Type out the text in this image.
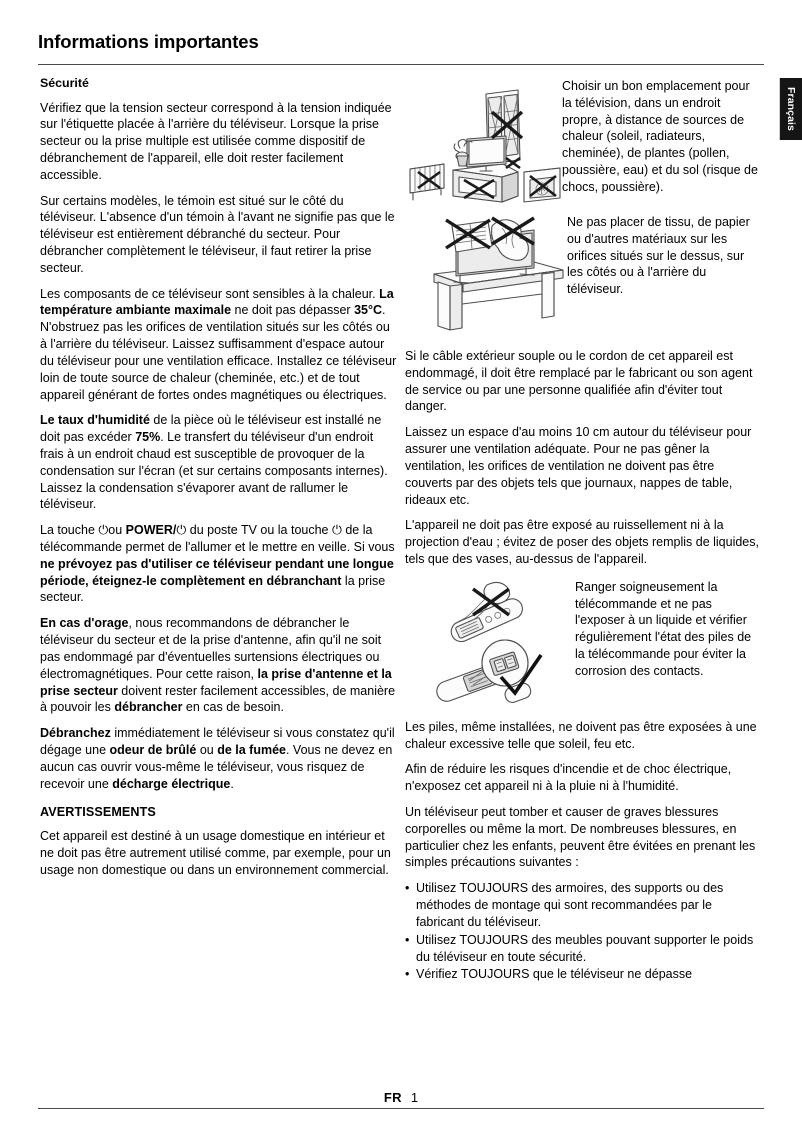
Informations importantes
Français
Sécurité

Vérifiez que la tension secteur correspond à la tension indiquée sur l'étiquette placée à l'arrière du téléviseur. Lorsque la prise secteur ou la prise multiple est utilisée comme dispositif de débranchement de l'appareil, elle doit rester facilement accessible.

Sur certains modèles, le témoin est situé sur le côté du téléviseur. L'absence d'un témoin à l'avant ne signifie pas que le téléviseur est entièrement débranché du secteur. Pour débrancher complètement le téléviseur, il faut retirer la prise secteur.

Les composants de ce téléviseur sont sensibles à la chaleur. La température ambiante maximale ne doit pas dépasser 35°C. N'obstruez pas les orifices de ventilation situés sur les côtés ou à l'arrière du téléviseur. Laissez suffisamment d'espace autour du téléviseur pour une ventilation efficace. Installez ce téléviseur loin de toute source de chaleur (cheminée, etc.) et de tout appareil générant de fortes ondes magnétiques ou électriques.

Le taux d'humidité de la pièce où le téléviseur est installé ne doit pas excéder 75%. Le transfert du téléviseur d'un endroit frais à un endroit chaud est susceptible de provoquer de la condensation sur l'écran (et sur certains composants internes). Laissez la condensation s'évaporer avant de rallumer le téléviseur.

La touche ⏻ou POWER/⏻ du poste TV ou la touche ⏻ de la télécommande permet de l'allumer et le mettre en veille. Si vous ne prévoyez pas d'utiliser ce téléviseur pendant une longue période, éteignez-le complètement en débranchant la prise secteur.

En cas d'orage, nous recommandons de débrancher le téléviseur du secteur et de la prise d'antenne, afin qu'il ne soit pas endommagé par d'éventuelles surtensions électriques ou électromagnétiques. Pour cette raison, la prise d'antenne et la prise secteur doivent rester facilement accessibles, de manière à pouvoir les débrancher en cas de besoin.

Débranchez immédiatement le téléviseur si vous constatez qu'il dégage une odeur de brûlé ou de la fumée. Vous ne devez en aucun cas ouvrir vous-même le téléviseur, vous risquez de recevoir une décharge électrique.

AVERTISSEMENTS

Cet appareil est destiné à un usage domestique en intérieur et ne doit pas être autrement utilisé comme, par exemple, pour un usage non domestique ou dans un environnement commercial.

Choisir un bon emplacement pour la télévision, dans un endroit propre, à distance de sources de chaleur (soleil, radiateurs, cheminée), de plantes (pollen, poussière, eau) et du sol (risque de chocs, poussière).
Ne pas placer de tissu, de papier ou d'autres matériaux sur les orifices situés sur le dessus, sur les côtés ou à l'arrière du téléviseur.

Si le câble extérieur souple ou le cordon de cet appareil est endommagé, il doit être remplacé par le fabricant ou son agent de service ou par une personne qualifiée afin d'éviter tout danger.

Laissez un espace d'au moins 10 cm autour du téléviseur pour assurer une ventilation adéquate. Pour ne pas gêner la ventilation, les orifices de ventilation ne doivent pas être couverts par des objets tels que journaux, nappes de table, rideaux etc.

L'appareil ne doit pas être exposé au ruissellement ni à la projection d'eau ; évitez de poser des objets remplis de liquides, tels que des vases, au-dessus de l'appareil.

Ranger soigneusement la télécommande et ne pas l'exposer à un liquide et vérifier régulièrement l'état des piles de la télécommande pour éviter la corrosion des contacts.

Les piles, même installées, ne doivent pas être exposées à une chaleur excessive telle que soleil, feu etc.

Afin de réduire les risques d'incendie et de choc électrique, n'exposez cet appareil ni à la pluie ni à l'humidité.

Un téléviseur peut tomber et causer de graves blessures corporelles ou même la mort. De nombreuses blessures, en particulier chez les enfants, peuvent être évitées en prenant les simples précautions suivantes :

• Utilisez TOUJOURS des armoires, des supports ou des méthodes de montage qui sont recommandées par le fabricant du téléviseur.
• Utilisez TOUJOURS des meubles pouvant supporter le poids du téléviseur en toute sécurité.
• Vérifiez TOUJOURS que le téléviseur ne dépasse
FR 1
